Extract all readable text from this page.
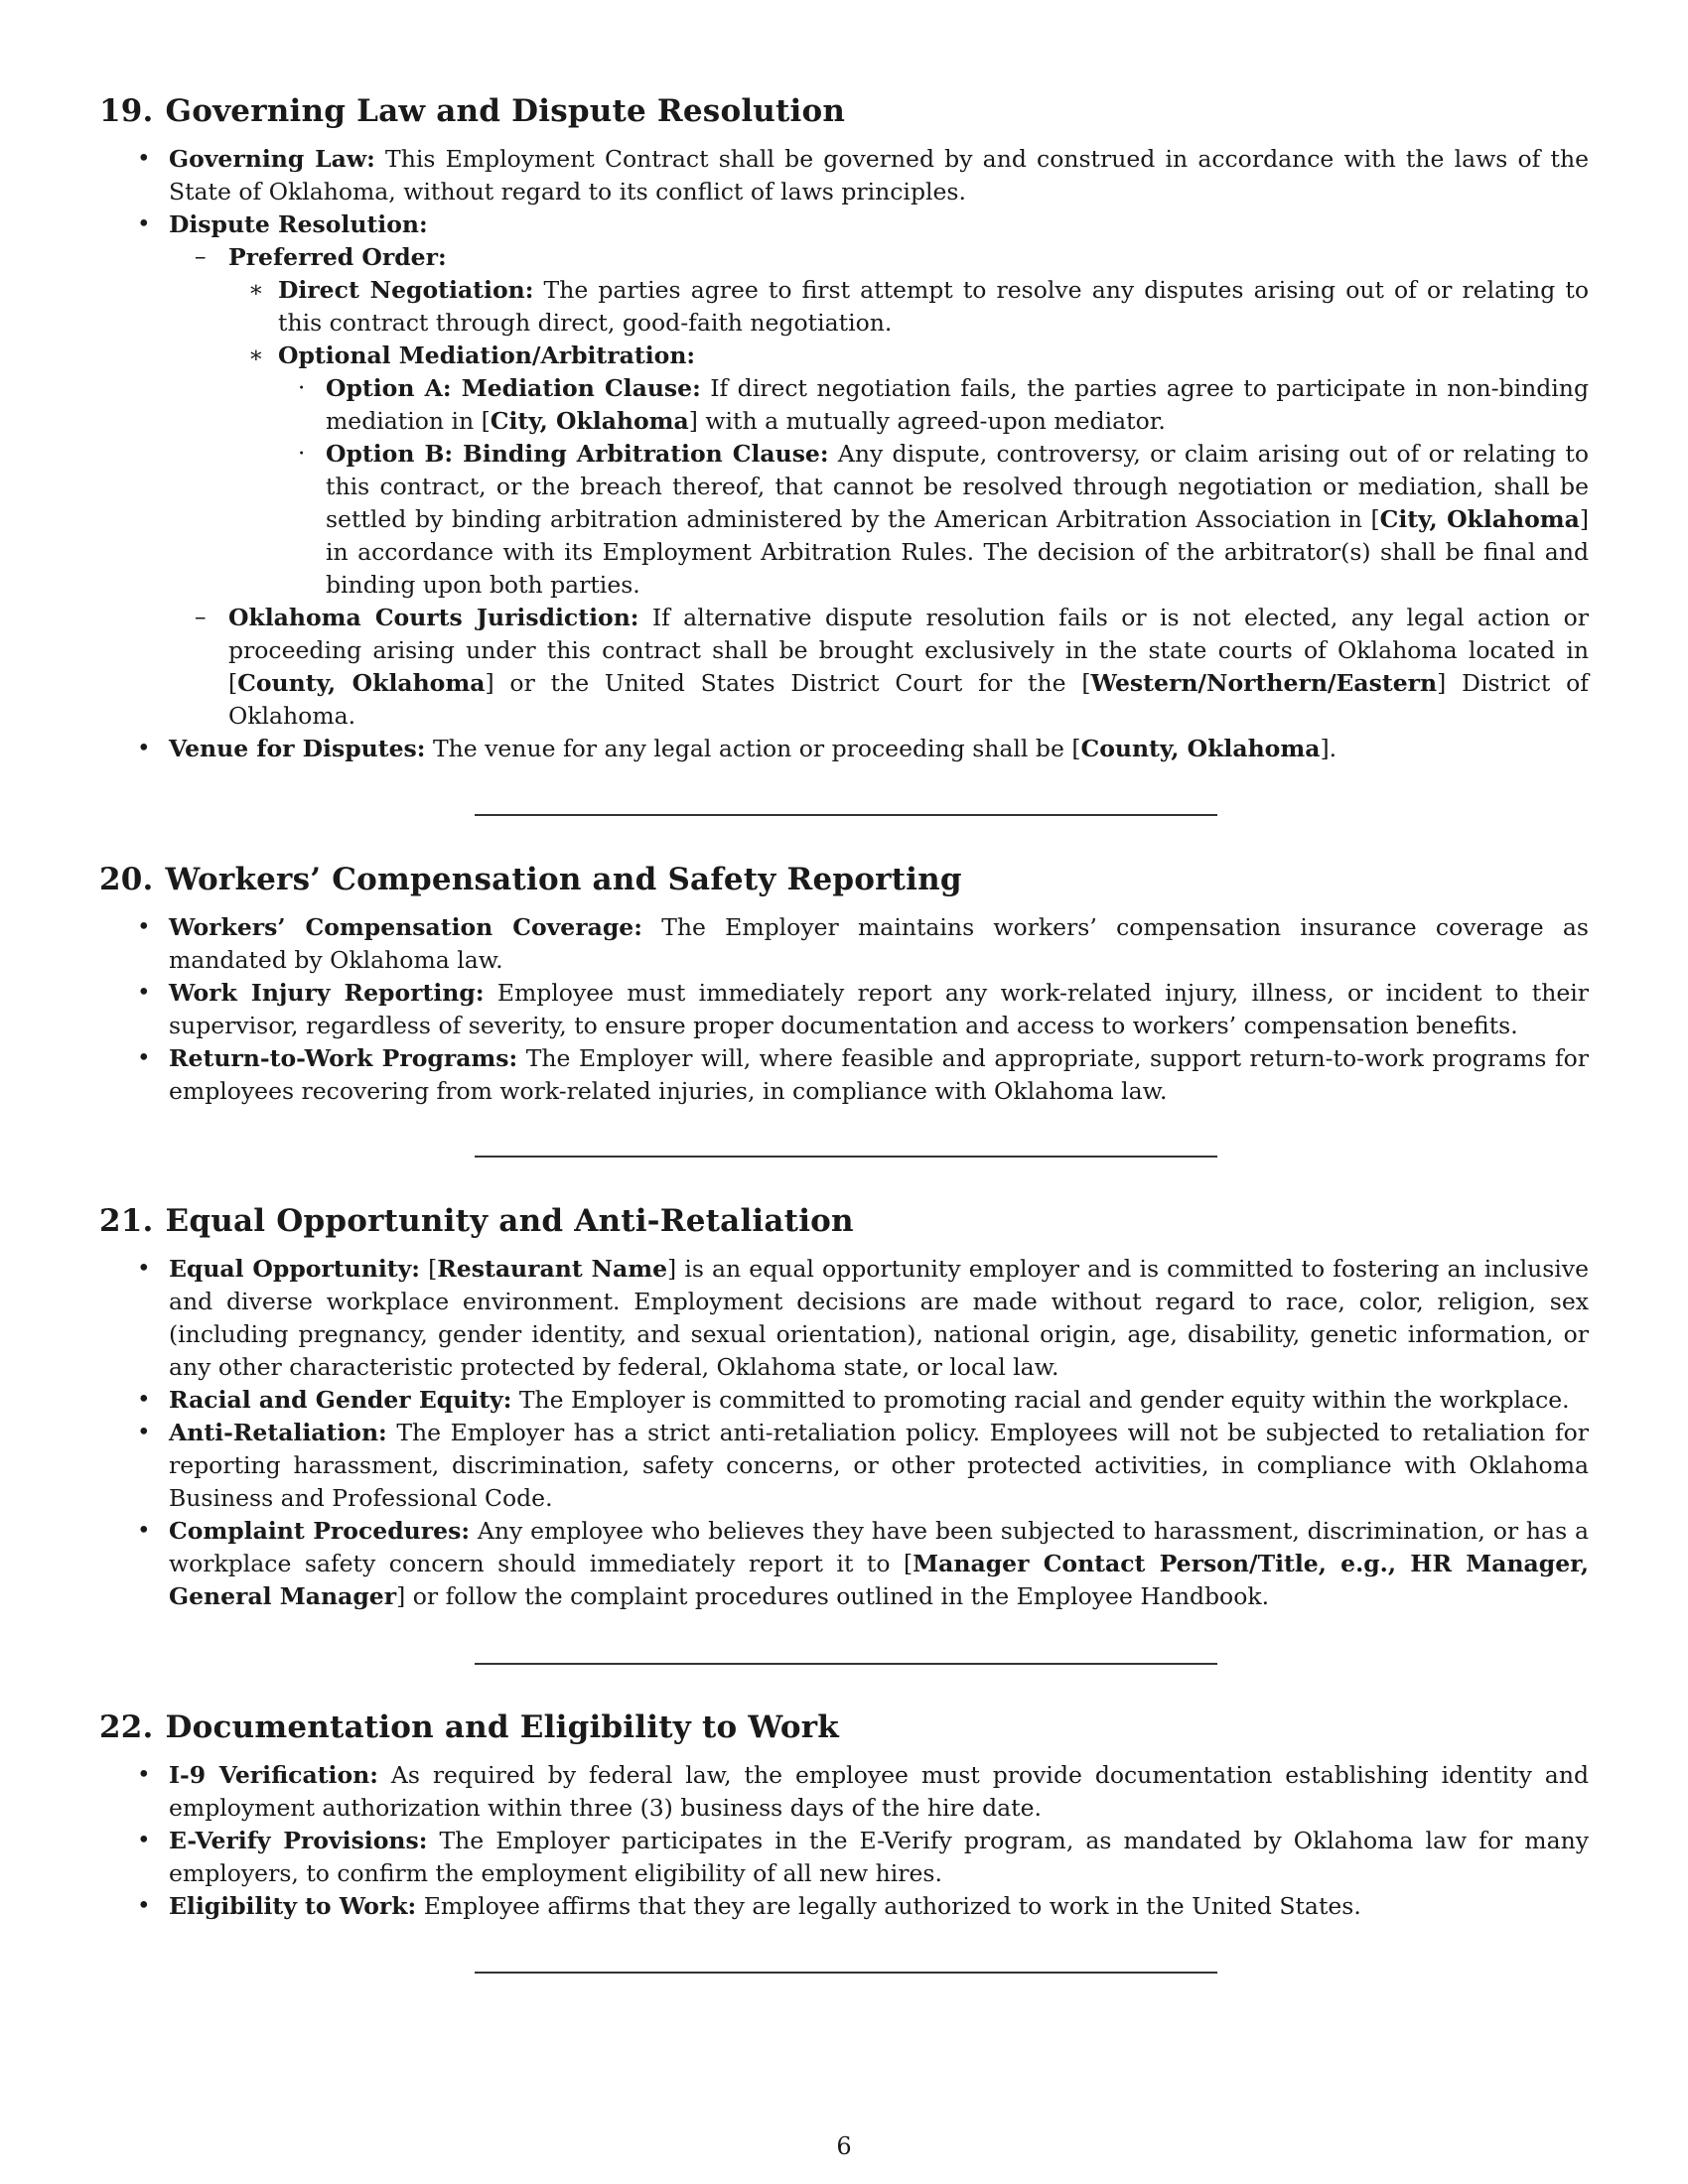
19. Governing Law and Dispute Resolution
• Governing Law: This Employment Contract shall be governed by and construed in accordance with the laws of the State of Oklahoma, without regard to its conflict of laws principles.
• Dispute Resolution:
– Preferred Order:
∗ Direct Negotiation: The parties agree to first attempt to resolve any disputes arising out of or relating to this contract through direct, good-faith negotiation.
∗ Optional Mediation/Arbitration:
· Option A: Mediation Clause: If direct negotiation fails, the parties agree to participate in non-binding mediation in [City, Oklahoma] with a mutually agreed-upon mediator.
· Option B: Binding Arbitration Clause: Any dispute, controversy, or claim arising out of or relating to this contract, or the breach thereof, that cannot be resolved through negotiation or mediation, shall be settled by binding arbitration administered by the American Arbitration Association in [City, Oklahoma] in accordance with its Employment Arbitration Rules. The decision of the arbitrator(s) shall be final and binding upon both parties.
– Oklahoma Courts Jurisdiction: If alternative dispute resolution fails or is not elected, any legal action or proceeding arising under this contract shall be brought exclusively in the state courts of Oklahoma located in [County, Oklahoma] or the United States District Court for the [Western/Northern/Eastern] District of Oklahoma.
• Venue for Disputes: The venue for any legal action or proceeding shall be [County, Oklahoma].
20. Workers’ Compensation and Safety Reporting
• Workers’ Compensation Coverage: The Employer maintains workers’ compensation insurance coverage as mandated by Oklahoma law.
• Work Injury Reporting: Employee must immediately report any work-related injury, illness, or incident to their supervisor, regardless of severity, to ensure proper documentation and access to workers’ compensation benefits.
• Return-to-Work Programs: The Employer will, where feasible and appropriate, support return-to-work programs for employees recovering from work-related injuries, in compliance with Oklahoma law.
21. Equal Opportunity and Anti-Retaliation
• Equal Opportunity: [Restaurant Name] is an equal opportunity employer and is committed to fostering an inclusive and diverse workplace environment. Employment decisions are made without regard to race, color, religion, sex (including pregnancy, gender identity, and sexual orientation), national origin, age, disability, genetic information, or any other characteristic protected by federal, Oklahoma state, or local law.
• Racial and Gender Equity: The Employer is committed to promoting racial and gender equity within the workplace.
• Anti-Retaliation: The Employer has a strict anti-retaliation policy. Employees will not be subjected to retaliation for reporting harassment, discrimination, safety concerns, or other protected activities, in compliance with Oklahoma Business and Professional Code.
• Complaint Procedures: Any employee who believes they have been subjected to harassment, discrimination, or has a workplace safety concern should immediately report it to [Manager Contact Person/Title, e.g., HR Manager, General Manager] or follow the complaint procedures outlined in the Employee Handbook.
22. Documentation and Eligibility to Work
• I-9 Verification: As required by federal law, the employee must provide documentation establishing identity and employment authorization within three (3) business days of the hire date.
• E-Verify Provisions: The Employer participates in the E-Verify program, as mandated by Oklahoma law for many employers, to confirm the employment eligibility of all new hires.
• Eligibility to Work: Employee affirms that they are legally authorized to work in the United States.
6
